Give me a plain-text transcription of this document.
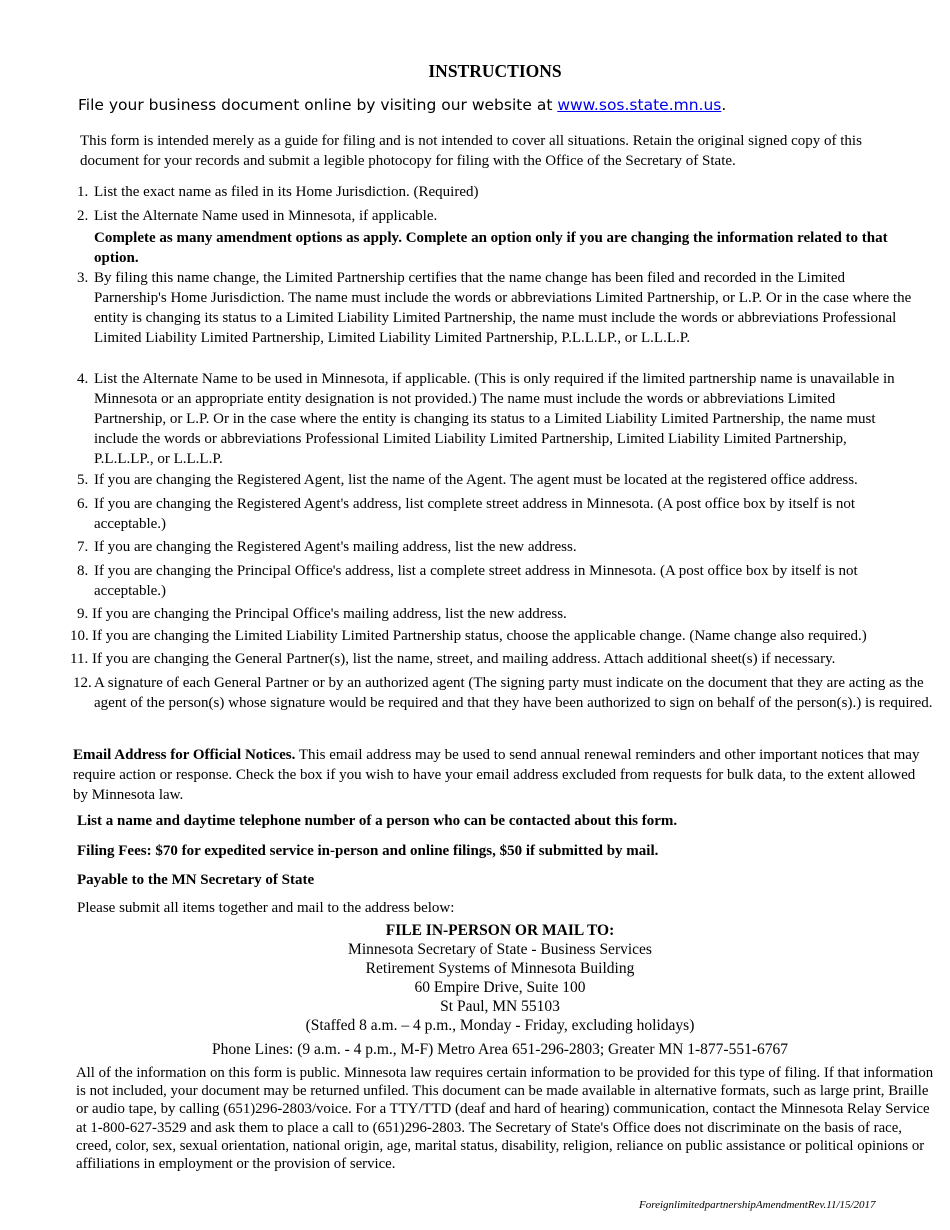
INSTRUCTIONS
File your business document online by visiting our website at www.sos.state.mn.us.
This form is intended merely as a guide for filing and is not intended to cover all situations. Retain the original signed copy of this document for your records and submit a legible photocopy for filing with the Office of the Secretary of State.
1. List the exact name as filed in its Home Jurisdiction. (Required)
2. List the Alternate Name used in Minnesota, if applicable.
Complete as many amendment options as apply. Complete an option only if you are changing the information related to that option.
3. By filing this name change, the Limited Partnership certifies that the name change has been filed and recorded in the Limited Parnership's Home Jurisdiction. The name must include the words or abbreviations Limited Partnership, or L.P. Or in the case where the entity is changing its status to a Limited Liability Limited Partnership, the name must include the words or abbreviations Professional Limited Liability Limited Partnership, Limited Liability Limited Partnership, P.L.L.LP., or L.L.L.P.
4. List the Alternate Name to be used in Minnesota, if applicable. (This is only required if the limited partnership name is unavailable in Minnesota or an appropriate entity designation is not provided.) The name must include the words or abbreviations Limited Partnership, or L.P. Or in the case where the entity is changing its status to a Limited Liability Limited Partnership, the name must include the words or abbreviations Professional Limited Liability Limited Partnership, Limited Liability Limited Partnership, P.L.L.LP., or L.L.L.P.
5. If you are changing the Registered Agent, list the name of the Agent. The agent must be located at the registered office address.
6. If you are changing the Registered Agent's address, list complete street address in Minnesota. (A post office box by itself is not acceptable.)
7. If you are changing the Registered Agent's mailing address, list the new address.
8. If you are changing the Principal Office's address, list a complete street address in Minnesota. (A post office box by itself is not acceptable.)
9. If you are changing the Principal Office's mailing address, list the new address.
10. If you are changing the Limited Liability Limited Partnership status, choose the applicable change. (Name change also required.)
11. If you are changing the General Partner(s), list the name, street, and mailing address. Attach additional sheet(s) if necessary.
12. A signature of each General Partner or by an authorized agent (The signing party must indicate on the document that they are acting as the agent of the person(s) whose signature would be required and that they have been authorized to sign on behalf of the person(s).) is required.
Email Address for Official Notices. This email address may be used to send annual renewal reminders and other important notices that may require action or response. Check the box if you wish to have your email address excluded from requests for bulk data, to the extent allowed by Minnesota law.
List a name and daytime telephone number of a person who can be contacted about this form.
Filing Fees: $70 for expedited service in-person and online filings, $50 if submitted by mail.
Payable to the MN Secretary of State
Please submit all items together and mail to the address below:
FILE IN-PERSON OR MAIL TO:
Minnesota Secretary of State - Business Services
Retirement Systems of Minnesota Building
60 Empire Drive, Suite 100
St Paul, MN 55103
(Staffed 8 a.m. – 4 p.m., Monday - Friday, excluding holidays)
Phone Lines: (9 a.m. - 4 p.m., M-F) Metro Area 651-296-2803; Greater MN 1-877-551-6767
All of the information on this form is public. Minnesota law requires certain information to be provided for this type of filing. If that information is not included, your document may be returned unfiled. This document can be made available in alternative formats, such as large print, Braille or audio tape, by calling (651)296-2803/voice. For a TTY/TTD (deaf and hard of hearing) communication, contact the Minnesota Relay Service at 1-800-627-3529 and ask them to place a call to (651)296-2803. The Secretary of State's Office does not discriminate on the basis of race, creed, color, sex, sexual orientation, national origin, age, marital status, disability, religion, reliance on public assistance or political opinions or affiliations in employment or the provision of service.
ForeignlimitedpartnershipAmendmentRev.11/15/2017
